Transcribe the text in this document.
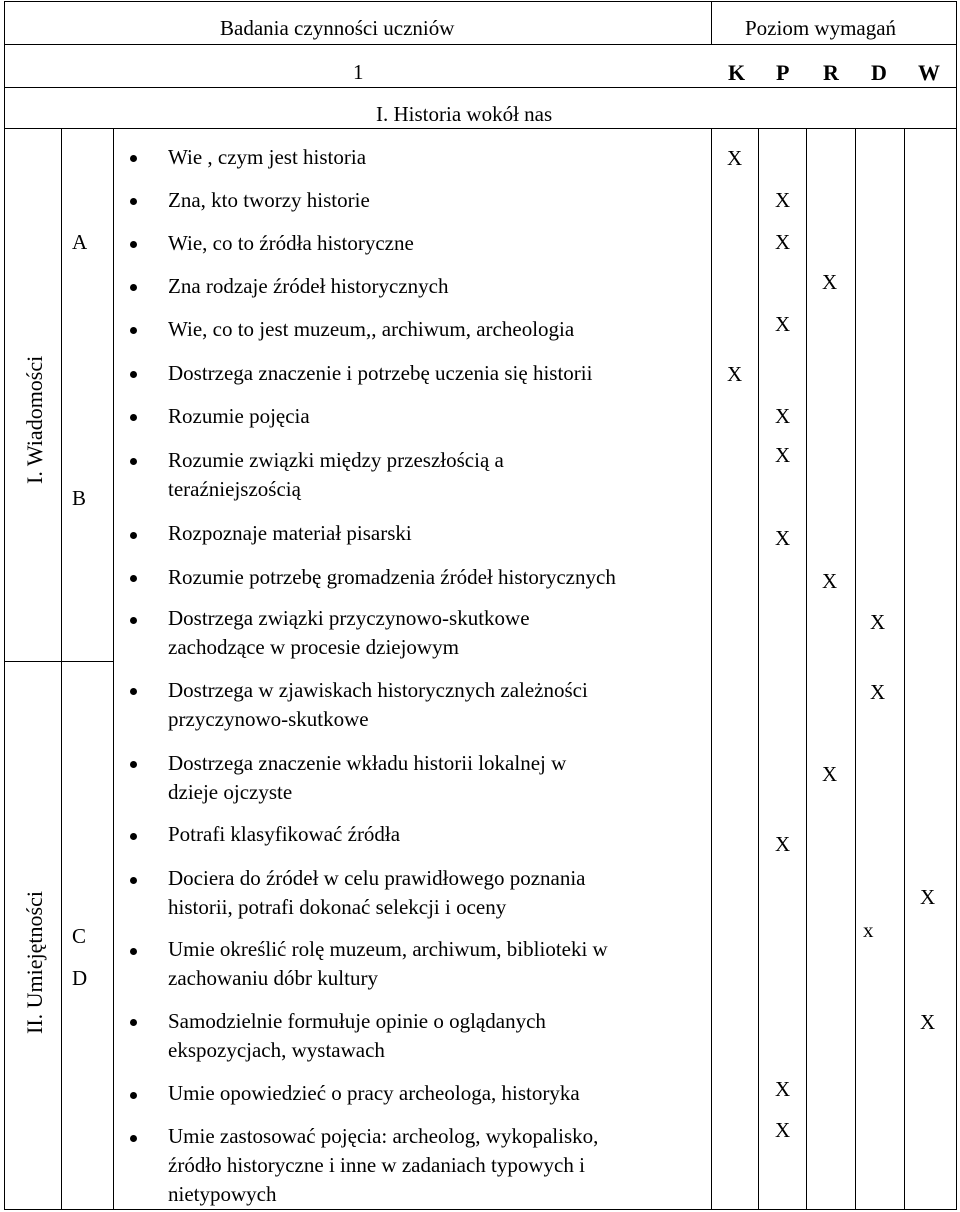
Badania czynności uczniów	Poziom wymagań
1	K P R D W
I. Historia wokół nas
I. Wiadomości
II. Umiejętności
A
B
C
D
Wie , czym jest historia
Zna, kto tworzy historie
Wie, co to źródła historyczne
Zna rodzaje źródeł historycznych
Wie, co to jest muzeum,, archiwum, archeologia
Dostrzega znaczenie i potrzebę uczenia się historii
Rozumie pojęcia
Rozumie związki między przeszłością a
teraźniejszością
Rozpoznaje materiał pisarski
Rozumie potrzebę gromadzenia źródeł historycznych
Dostrzega związki przyczynowo-skutkowe
zachodzące w procesie dziejowym
Dostrzega w zjawiskach historycznych zależności
przyczynowo-skutkowe
Dostrzega znaczenie wkładu historii lokalnej w
dzieje ojczyste
Potrafi klasyfikować źródła
Dociera do źródeł w celu prawidłowego poznania
historii, potrafi dokonać selekcji i oceny
Umie określić rolę muzeum, archiwum, biblioteki w
zachowaniu dóbr kultury
Samodzielnie formułuje opinie o oglądanych
ekspozycjach, wystawach
Umie opowiedzieć o pracy archeologa, historyka
Umie zastosować pojęcia: archeolog, wykopalisko,
źródło historyczne i inne w zadaniach typowych i
nietypowych
X
X
X
X
X
X
X
X
X
X
X
X
X
X
X
x
X
X
X
